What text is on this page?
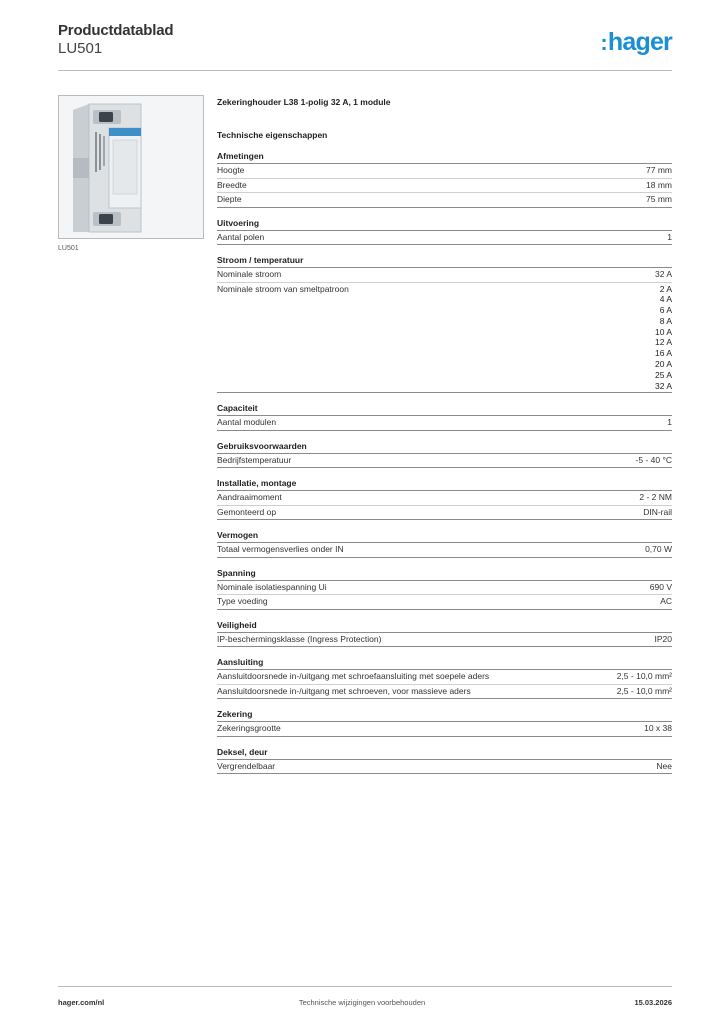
Productdatablad
LU501	:hager
LU501
Zekeringhouder L38 1-polig 32 A, 1 module
Technische eigenschappen
Afmetingen
Hoogte	77 mm
Breedte	18 mm
Diepte	75 mm
Uitvoering
Aantal polen	1
Stroom / temperatuur
Nominale stroom	32 A
Nominale stroom van smeltpatroon	2 A
4 A
6 A
8 A
10 A
12 A
16 A
20 A
25 A
32 A
Capaciteit
Aantal modulen	1
Gebruiksvoorwaarden
Bedrijfstemperatuur	-5 - 40 °C
Installatie, montage
Aandraaimoment	2 - 2 NM
Gemonteerd op	DIN-rail
Vermogen
Totaal vermogensverlies onder IN	0,70 W
Spanning
Nominale isolatiespanning Ui	690 V
Type voeding	AC
Veiligheid
IP-beschermingsklasse (Ingress Protection)	IP20
Aansluiting
Aansluitdoorsnede in-/uitgang met schroefaansluiting met soepele aders	2,5 - 10,0 mm²
Aansluitdoorsnede in-/uitgang met schroeven, voor massieve aders	2,5 - 10,0 mm²
Zekering
Zekeringsgrootte	10 x 38
Deksel, deur
Vergrendelbaar	Nee
hager.com/nl	Technische wijzigingen voorbehouden	15.03.2026
